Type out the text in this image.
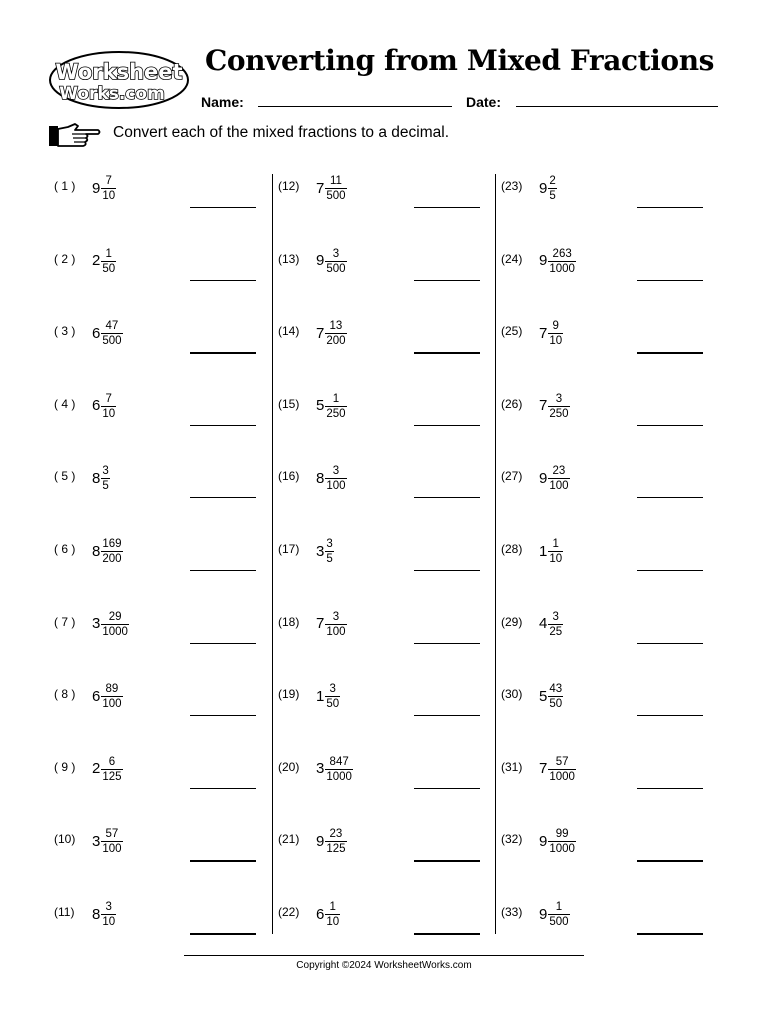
Worksheet
Works.com
Converting from Mixed Fractions
Name:	Date:
Convert each of the mixed fractions to a decimal.
( 1 ) $9 \frac{7}{10}$
( 2 ) $2 \frac{1}{50}$
( 3 ) $6 \frac{47}{500}$
( 4 ) $6 \frac{7}{10}$
( 5 ) $8 \frac{3}{5}$
( 6 ) $8 \frac{169}{200}$
( 7 ) $3 \frac{29}{1000}$
( 8 ) $6 \frac{89}{100}$
( 9 ) $2 \frac{6}{125}$
(10) $3 \frac{57}{100}$
(11) $8 \frac{3}{10}$
(12) $7 \frac{11}{500}$
(13) $9 \frac{3}{500}$
(14) $7 \frac{13}{200}$
(15) $5 \frac{1}{250}$
(16) $8 \frac{3}{100}$
(17) $3 \frac{3}{5}$
(18) $7 \frac{3}{100}$
(19) $1 \frac{3}{50}$
(20) $3 \frac{847}{1000}$
(21) $9 \frac{23}{125}$
(22) $6 \frac{1}{10}$
(23) $9 \frac{2}{5}$
(24) $9 \frac{263}{1000}$
(25) $7 \frac{9}{10}$
(26) $7 \frac{3}{250}$
(27) $9 \frac{23}{100}$
(28) $1 \frac{1}{10}$
(29) $4 \frac{3}{25}$
(30) $5 \frac{43}{50}$
(31) $7 \frac{57}{1000}$
(32) $9 \frac{99}{1000}$
(33) $9 \frac{1}{500}$
Copyright ©2024 WorksheetWorks.com
